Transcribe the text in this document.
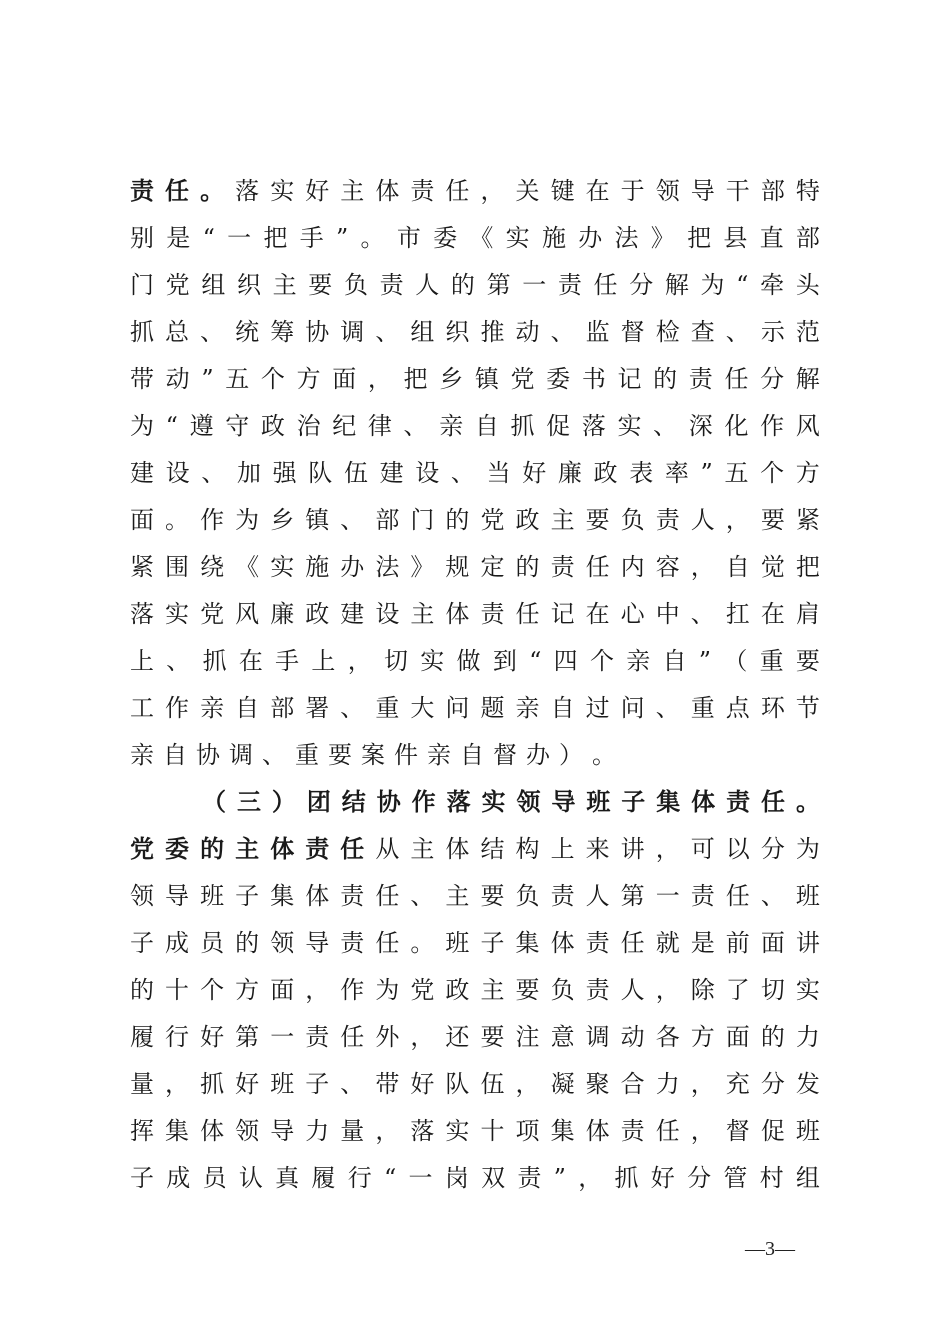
责 任 。 落 实 好 主 体 责 任 ， 关 键 在 于 领 导 干 部 特
别 是 “ 一 把 手 ” 。 市 委 《 实 施 办 法 》 把 县 直 部
门 党 组 织 主 要 负 责 人 的 第 一 责 任 分 解 为 “ 牵 头
抓 总 、 统 筹 协 调 、 组 织 推 动 、 监 督 检 查 、 示 范
带 动 ” 五 个 方 面 ， 把 乡 镇 党 委 书 记 的 责 任 分 解
为 “ 遵 守 政 治 纪 律 、 亲 自 抓 促 落 实 、 深 化 作 风
建 设 、 加 强 队 伍 建 设 、 当 好 廉 政 表 率 ” 五 个 方
面 。 作 为 乡 镇 、 部 门 的 党 政 主 要 负 责 人 ， 要 紧
紧 围 绕 《 实 施 办 法 》 规 定 的 责 任 内 容 ， 自 觉 把
落 实 党 风 廉 政 建 设 主 体 责 任 记 在 心 中 、 扛 在 肩
上 、 抓 在 手 上 ， 切 实 做 到 “ 四 个 亲 自 ” （ 重 要
工 作 亲 自 部 署 、 重 大 问 题 亲 自 过 问 、 重 点 环 节
亲 自 协 调 、 重 要 案 件 亲 自 督 办 ） 。
（ 三 ） 团 结 协 作 落 实 领 导 班 子 集 体 责 任 。
党 委 的 主 体 责 任 从 主 体 结 构 上 来 讲 ， 可 以 分 为
领 导 班 子 集 体 责 任 、 主 要 负 责 人 第 一 责 任 、 班
子 成 员 的 领 导 责 任 。 班 子 集 体 责 任 就 是 前 面 讲
的 十 个 方 面 ， 作 为 党 政 主 要 负 责 人 ， 除 了 切 实
履 行 好 第 一 责 任 外 ， 还 要 注 意 调 动 各 方 面 的 力
量 ， 抓 好 班 子 、 带 好 队 伍 ， 凝 聚 合 力 ， 充 分 发
挥 集 体 领 导 力 量 ， 落 实 十 项 集 体 责 任 ， 督 促 班
子 成 员 认 真 履 行 “ 一 岗 双 责 ” ， 抓 好 分 管 村 组
—3—
